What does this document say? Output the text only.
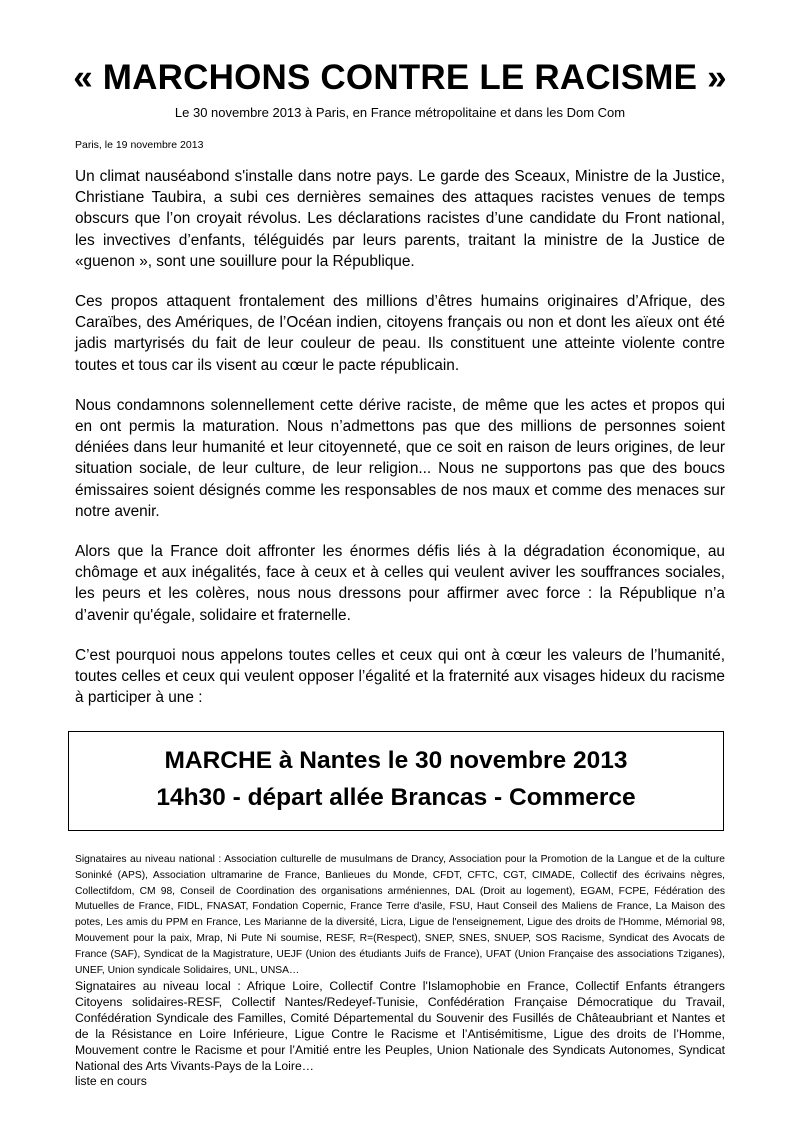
« MARCHONS CONTRE LE RACISME »
Le 30 novembre 2013 à Paris, en France métropolitaine et dans les Dom Com
Paris, le 19 novembre 2013

Un climat nauséabond s'installe dans notre pays. Le garde des Sceaux, Ministre de la Justice, Christiane Taubira, a subi ces dernières semaines des attaques racistes venues de temps obscurs que l’on croyait révolus. Les déclarations racistes d’une candidate du Front national, les invectives d’enfants, téléguidés par leurs parents, traitant la ministre de la Justice de «guenon », sont une souillure pour la République.

Ces propos attaquent frontalement des millions d’êtres humains originaires d’Afrique, des Caraïbes, des Amériques, de l’Océan indien, citoyens français ou non et dont les aïeux ont été jadis martyrisés du fait de leur couleur de peau. Ils constituent une atteinte violente contre toutes et tous car ils visent au cœur le pacte républicain.

Nous condamnons solennellement cette dérive raciste, de même que les actes et propos qui en ont permis la maturation. Nous n’admettons pas que des millions de personnes soient déniées dans leur humanité et leur citoyenneté, que ce soit en raison de leurs origines, de leur situation sociale, de leur culture, de leur religion... Nous ne supportons pas que des boucs émissaires soient désignés comme les responsables de nos maux et comme des menaces sur notre avenir.

Alors que la France doit affronter les énormes défis liés à la dégradation économique, au chômage et aux inégalités, face à ceux et à celles qui veulent aviver les souffrances sociales, les peurs et les colères, nous nous dressons pour affirmer avec force : la République n’a d’avenir qu'égale, solidaire et fraternelle.

C’est pourquoi nous appelons toutes celles et ceux qui ont à cœur les valeurs de l’humanité, toutes celles et ceux qui veulent opposer l’égalité et la fraternité aux visages hideux du racisme à participer à une :

MARCHE à Nantes le 30 novembre 2013
14h30 - départ allée Brancas - Commerce
Signataires au niveau national : Association culturelle de musulmans de Drancy, Association pour la Promotion de la Langue et de la culture Soninké (APS), Association ultramarine de France, Banlieues du Monde, CFDT, CFTC, CGT, CIMADE, Collectif des écrivains nègres, Collectifdom, CM 98, Conseil de Coordination des organisations arméniennes, DAL (Droit au logement), EGAM, FCPE, Fédération des Mutuelles de France, FIDL, FNASAT, Fondation Copernic, France Terre d'asile, FSU, Haut Conseil des Maliens de France, La Maison des potes, Les amis du PPM en France, Les Marianne de la diversité, Licra, Ligue de l'enseignement, Ligue des droits de l'Homme, Mémorial 98, Mouvement pour la paix, Mrap, Ni Pute Ni soumise, RESF, R=(Respect), SNEP, SNES, SNUEP, SOS Racisme, Syndicat des Avocats de France (SAF), Syndicat de la Magistrature, UEJF (Union des étudiants Juifs de France), UFAT (Union Française des associations Tziganes), UNEF, Union syndicale Solidaires, UNL, UNSA…
Signataires au niveau local : Afrique Loire, Collectif Contre l'Islamophobie en France, Collectif Enfants étrangers Citoyens solidaires-RESF, Collectif Nantes/Redeyef-Tunisie, Confédération Française Démocratique du Travail, Confédération Syndicale des Familles, Comité Départemental du Souvenir des Fusillés de Châteaubriant et Nantes et de la Résistance en Loire Inférieure, Ligue Contre le Racisme et l’Antisémitisme, Ligue des droits de l’Homme, Mouvement contre le Racisme et pour l’Amitié entre les Peuples, Union Nationale des Syndicats Autonomes, Syndicat National des Arts Vivants-Pays de la Loire…
liste en cours
